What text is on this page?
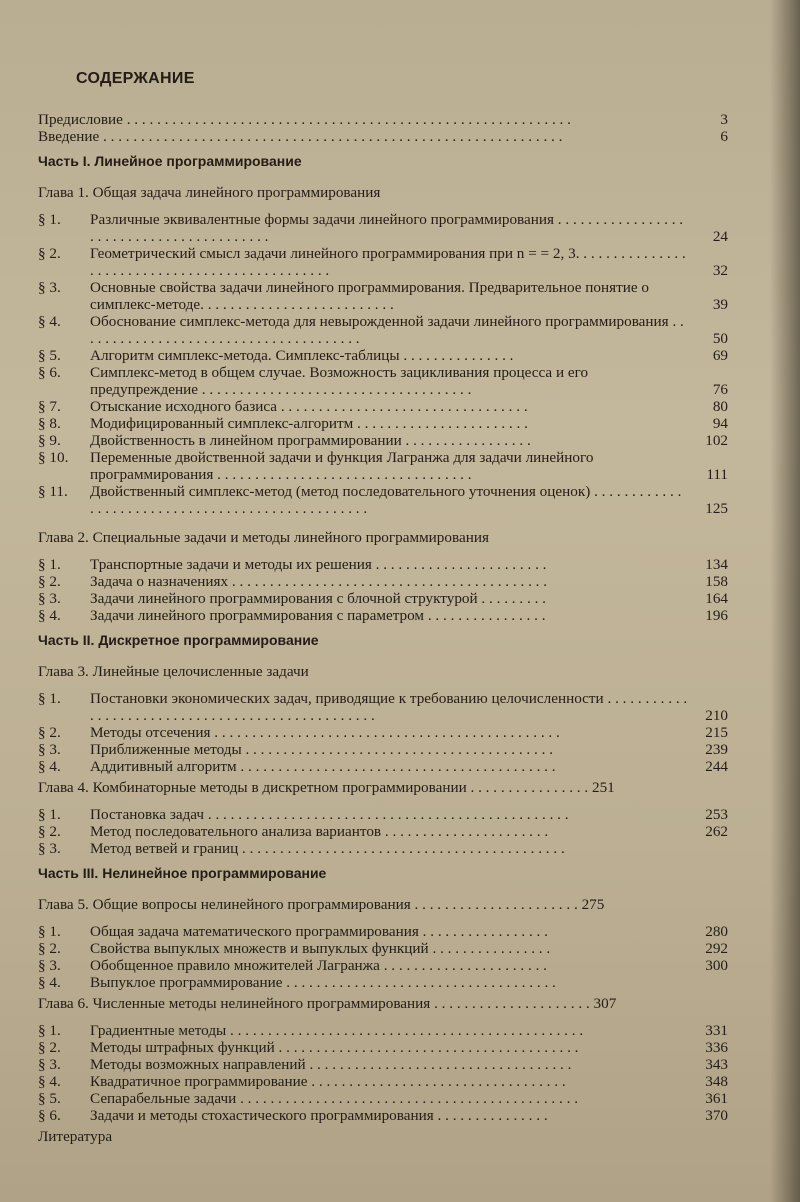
СОДЕРЖАНИЕ
Предисловие . . . . . . . . . . . . . . . . . . . . . . . . . . . . . . . . . . . . . . . . . . . . . . . . . . . . . . . . . . .	3
Введение . . . . . . . . . . . . . . . . . . . . . . . . . . . . . . . . . . . . . . . . . . . . . . . . . . . . . . . . . . . . .	6
Часть I. Линейное программирование
Глава 1. Общая задача линейного программирования
§ 1.	Различные эквивалентные формы задачи линейного программирования . . . . . . . . . . . . . . . . . . . . . . . . . . . . . . . . . . . . . . . . .	24
§ 2.	Геометрический смысл задачи линейного программирования при n = = 2, 3. . . . . . . . . . . . . . . . . . . . . . . . . . . . . . . . . . . . . . . . . . . . . . .	32
§ 3.	Основные свойства задачи линейного программирования. Предварительное понятие о симплекс-методе. . . . . . . . . . . . . . . . . . . . . . . . . .	39
§ 4.	Обоснование симплекс-метода для невырожденной задачи линейного программирования . . . . . . . . . . . . . . . . . . . . . . . . . . . . . . . . . . . . . .	50
§ 5.	Алгоритм симплекс-метода. Симплекс-таблицы . . . . . . . . . . . . . . .	69
§ 6.	Симплекс-метод в общем случае. Возможность зацикливания процесса и его предупреждение . . . . . . . . . . . . . . . . . . . . . . . . . . . . . . . . . . . .	76
§ 7.	Отыскание исходного базиса . . . . . . . . . . . . . . . . . . . . . . . . . . . . . . . . .	80
§ 8.	Модифицированный симплекс-алгоритм . . . . . . . . . . . . . . . . . . . . . . .	94
§ 9.	Двойственность в линейном программировании . . . . . . . . . . . . . . . . .	102
§ 10.	Переменные двойственной задачи и функция Лагранжа для задачи линейного программирования . . . . . . . . . . . . . . . . . . . . . . . . . . . . . . . . . .	111
§ 11.	Двойственный симплекс-метод (метод последовательного уточнения оценок) . . . . . . . . . . . . . . . . . . . . . . . . . . . . . . . . . . . . . . . . . . . . . . . . .	125
Глава 2. Специальные задачи и методы линейного программирования
§ 1.	Транспортные задачи и методы их решения . . . . . . . . . . . . . . . . . . . . . . .	134
§ 2.	Задача о назначениях . . . . . . . . . . . . . . . . . . . . . . . . . . . . . . . . . . . . . . . . . .	158
§ 3.	Задачи линейного программирования с блочной структурой . . . . . . . . .	164
§ 4.	Задачи линейного программирования с параметром . . . . . . . . . . . . . . . .	196
Часть II. Дискретное программирование
Глава 3. Линейные целочисленные задачи
§ 1.	Постановки экономических задач, приводящие к требованию целочисленности . . . . . . . . . . . . . . . . . . . . . . . . . . . . . . . . . . . . . . . . . . . . . . . . .	210
§ 2.	Методы отсечения . . . . . . . . . . . . . . . . . . . . . . . . . . . . . . . . . . . . . . . . . . . . . .	215
§ 3.	Приближенные методы . . . . . . . . . . . . . . . . . . . . . . . . . . . . . . . . . . . . . . . . .	239
§ 4.	Аддитивный алгоритм . . . . . . . . . . . . . . . . . . . . . . . . . . . . . . . . . . . . . . . . . .	244
Глава 4. Комбинаторные методы в дискретном программировании . . . . . . . . . . . . . . . . 251
§ 1.	Постановка задач . . . . . . . . . . . . . . . . . . . . . . . . . . . . . . . . . . . . . . . . . . . . . . . .	253
§ 2.	Метод последовательного анализа вариантов . . . . . . . . . . . . . . . . . . . . . .	262
§ 3.	Метод ветвей и границ . . . . . . . . . . . . . . . . . . . . . . . . . . . . . . . . . . . . . . . . . . .
Часть III. Нелинейное программирование
Глава 5. Общие вопросы нелинейного программирования . . . . . . . . . . . . . . . . . . . . . . 275
§ 1.	Общая задача математического программирования . . . . . . . . . . . . . . . . .	280
§ 2.	Свойства выпуклых множеств и выпуклых функций . . . . . . . . . . . . . . . .	292
§ 3.	Обобщенное правило множителей Лагранжа . . . . . . . . . . . . . . . . . . . . . .	300
§ 4.	Выпуклое программирование . . . . . . . . . . . . . . . . . . . . . . . . . . . . . . . . . . . .
Глава 6. Численные методы нелинейного программирования . . . . . . . . . . . . . . . . . . . . . 307
§ 1.	Градиентные методы . . . . . . . . . . . . . . . . . . . . . . . . . . . . . . . . . . . . . . . . . . . . . . .	331
§ 2.	Методы штрафных функций . . . . . . . . . . . . . . . . . . . . . . . . . . . . . . . . . . . . . . . .	336
§ 3.	Методы возможных направлений . . . . . . . . . . . . . . . . . . . . . . . . . . . . . . . . . . .	343
§ 4.	Квадратичное программирование . . . . . . . . . . . . . . . . . . . . . . . . . . . . . . . . . .	348
§ 5.	Сепарабельные задачи . . . . . . . . . . . . . . . . . . . . . . . . . . . . . . . . . . . . . . . . . . . . .	361
§ 6.	Задачи и методы стохастического программирования . . . . . . . . . . . . . . .	370
Литература
